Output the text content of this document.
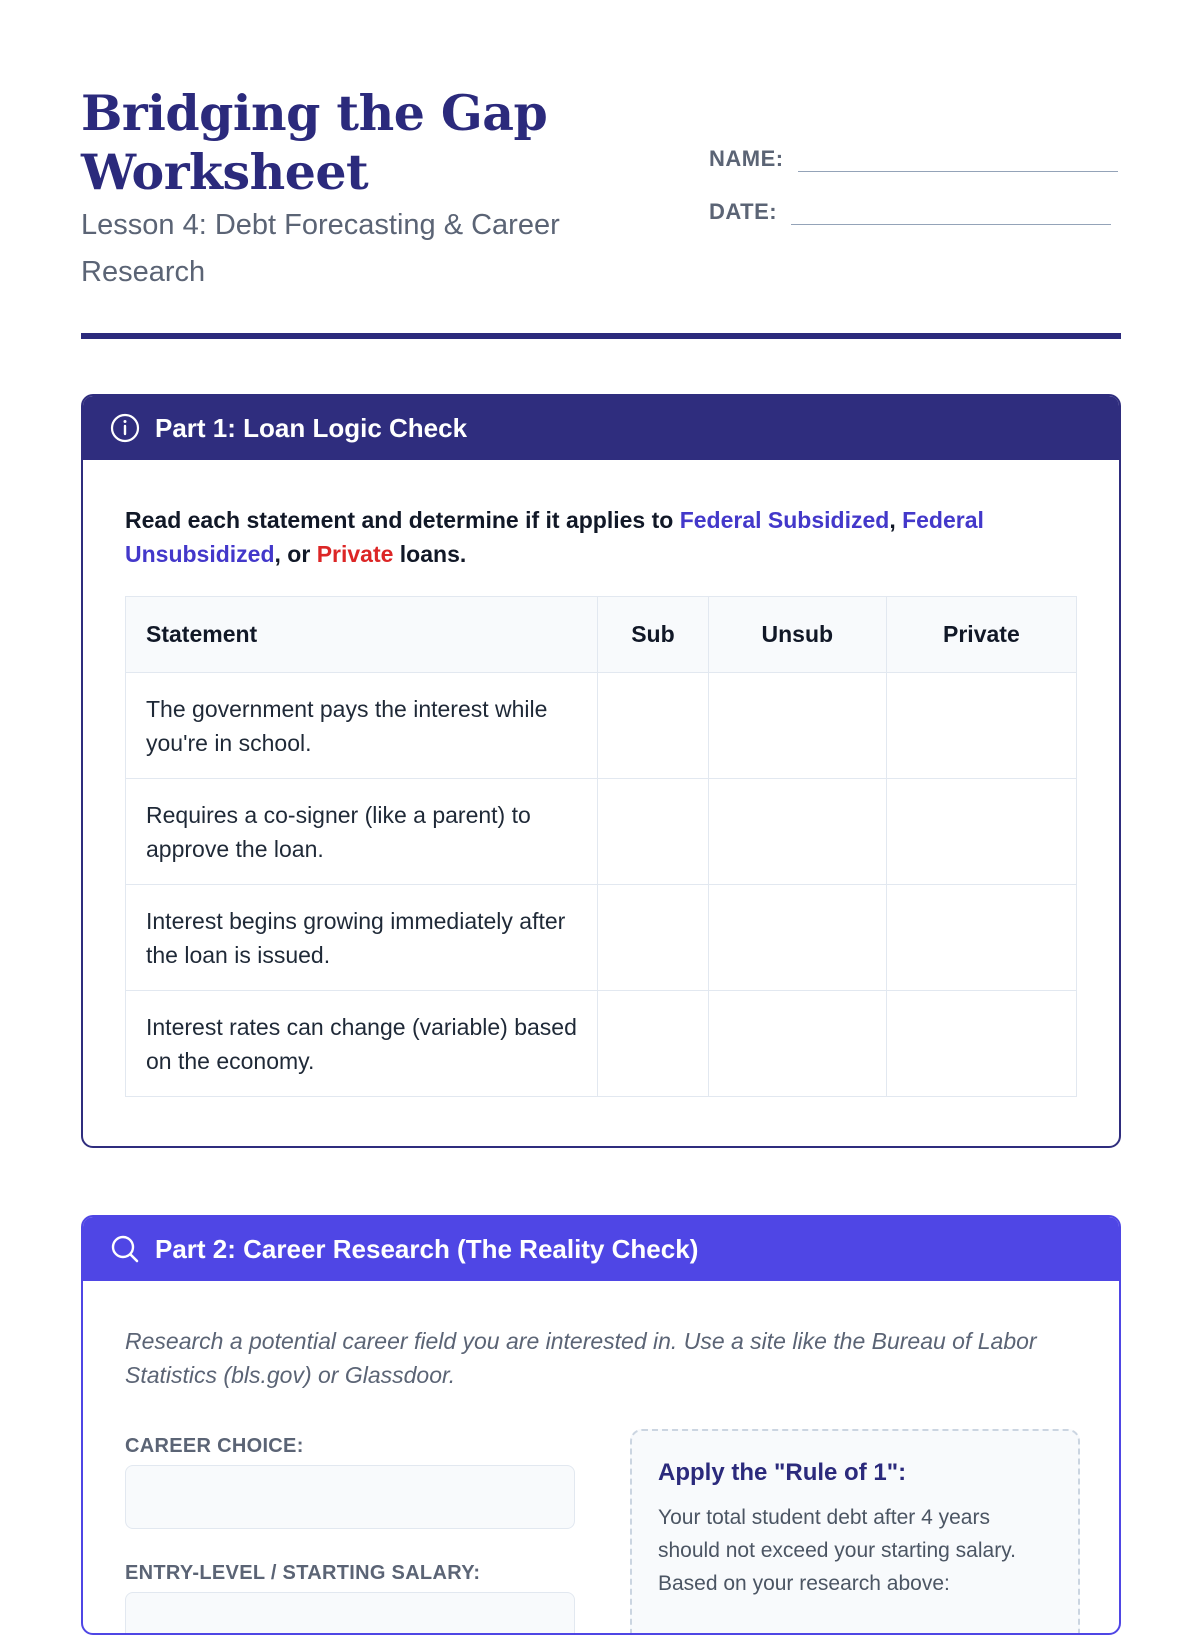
Bridging the Gap Worksheet
Lesson 4: Debt Forecasting & Career Research
NAME:
DATE:
Part 1: Loan Logic Check
Read each statement and determine if it applies to Federal Subsidized, Federal Unsubsidized, or Private loans.
Statement	Sub	Unsub	Private
The government pays the interest while you're in school.			
Requires a co-signer (like a parent) to approve the loan.			
Interest begins growing immediately after the loan is issued.			
Interest rates can change (variable) based on the economy.			
Part 2: Career Research (The Reality Check)
Research a potential career field you are interested in. Use a site like the Bureau of Labor Statistics (bls.gov) or Glassdoor.
CAREER CHOICE:
ENTRY-LEVEL / STARTING SALARY:
Apply the "Rule of 1":
Your total student debt after 4 years should not exceed your starting salary. Based on your research above:
